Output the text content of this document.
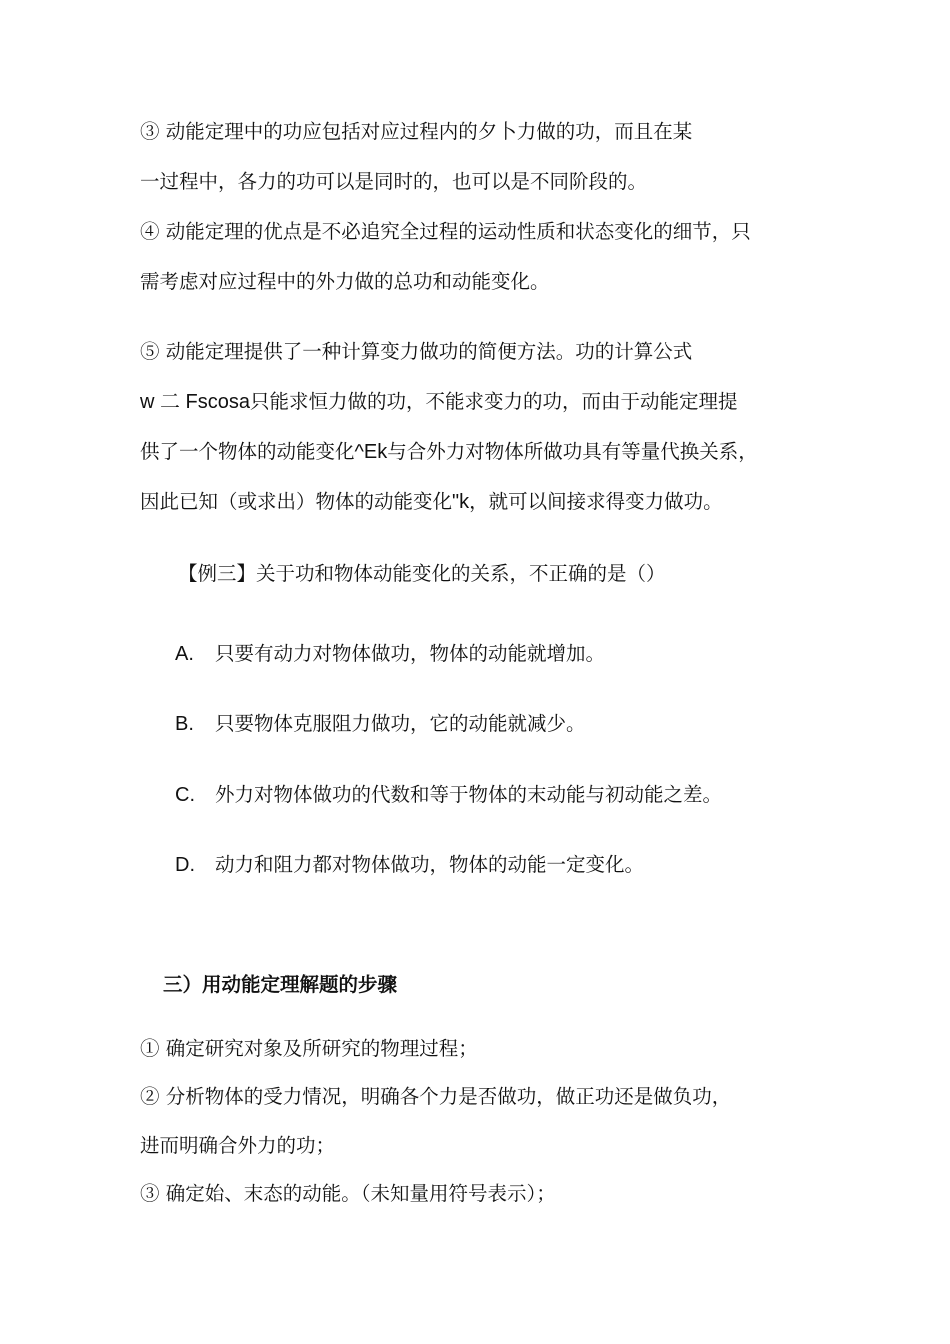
③ 动能定理中的功应包括对应过程内的夕卜力做的功，而且在某
一过程中，各力的功可以是同时的，也可以是不同阶段的。
④ 动能定理的优点是不必追究全过程的运动性质和状态变化的细节，只
需考虑对应过程中的外力做的总功和动能变化。
⑤ 动能定理提供了一种计算变力做功的简便方法。功的计算公式
w 二 Fscosa只能求恒力做的功，不能求变力的功，而由于动能定理提
供了一个物体的动能变化^Ek与合外力对物体所做功具有等量代换关系，
因此已知（或求出）物体的动能变化"k，就可以间接求得变力做功。
【例三】关于功和物体动能变化的关系，不正确的是（）
A. 只要有动力对物体做功，物体的动能就增加。
B. 只要物体克服阻力做功，它的动能就减少。
C. 外力对物体做功的代数和等于物体的末动能与初动能之差。
D. 动力和阻力都对物体做功，物体的动能一定变化。
三）用动能定理解题的步骤
① 确定研究对象及所研究的物理过程；
② 分析物体的受力情况，明确各个力是否做功，做正功还是做负功，
进而明确合外力的功；
③ 确定始、末态的动能。（未知量用符号表示）；
